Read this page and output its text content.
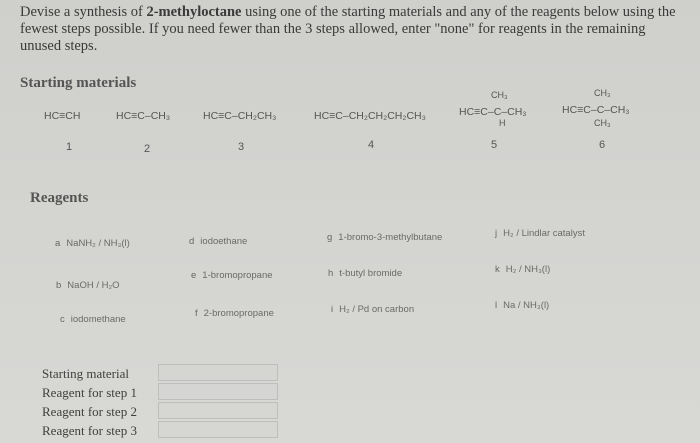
Devise a synthesis of 2-methyloctane using one of the starting materials and any of the reagents below using the fewest steps possible. If you need fewer than the 3 steps allowed, enter "none" for reagents in the remaining unused steps.
Starting materials
HC≡CH
1
HC≡C–CH₃
2
HC≡C–CH₂CH₃
3
HC≡C–CH₂CH₂CH₂CH₃
4
CH₃
HC≡C–C–CH₃
H
5
CH₃
HC≡C–C–CH₃
CH₃
6
Reagents
a NaNH₂ / NH₃(l)
b NaOH / H₂O
c iodomethane
d iodoethane
e 1-bromopropane
f 2-bromopropane
g 1-bromo-3-methylbutane
h t-butyl bromide
i H₂ / Pd on carbon
j H₂ / Lindlar catalyst
k H₂ / NH₃(l)
l Na / NH₃(l)
Starting material
Reagent for step 1
Reagent for step 2
Reagent for step 3
